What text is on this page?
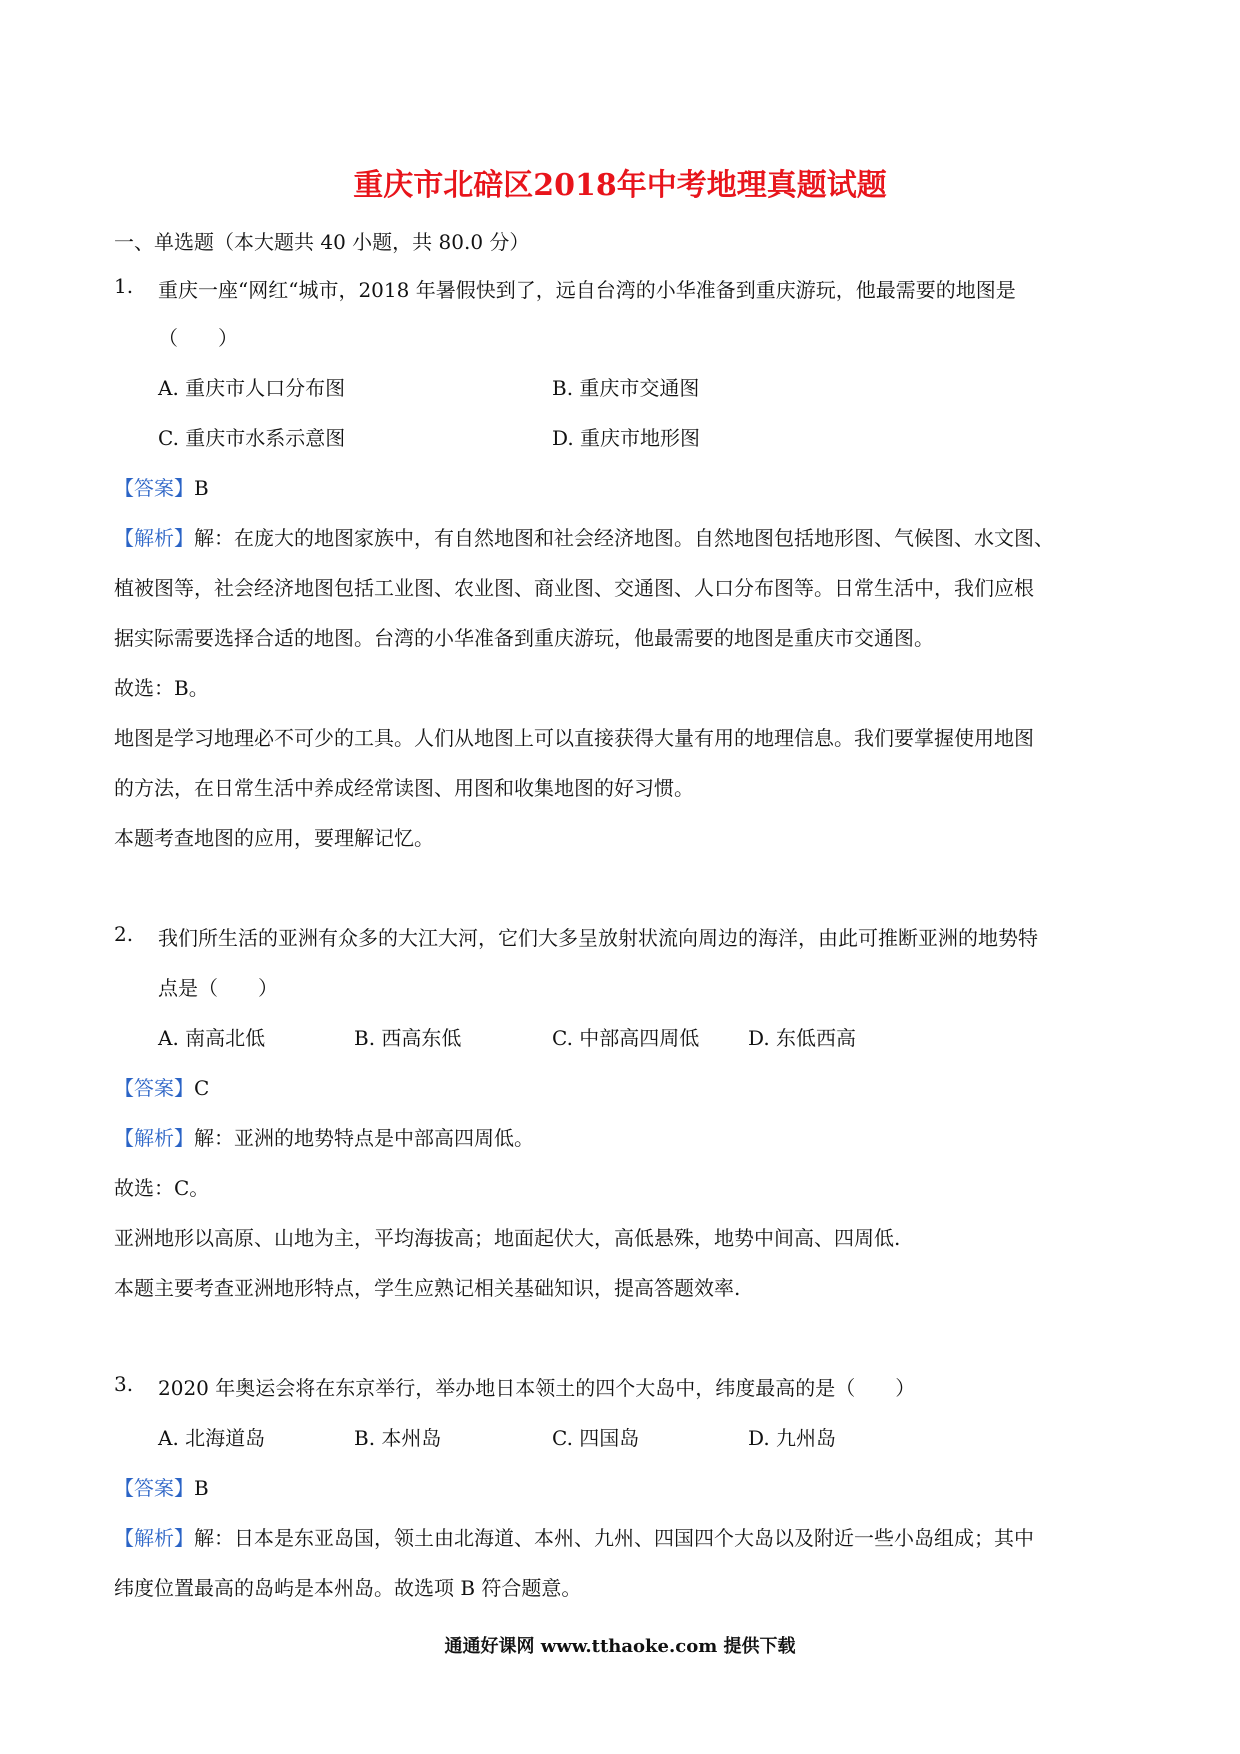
重庆市北碚区2018年中考地理真题试题
一、单选题（本大题共 40 小题，共 80.0 分）
1. 重庆一座“网红“城市，2018 年暑假快到了，远自台湾的小华准备到重庆游玩，他最需要的地图是
（　　）
A. 重庆市人口分布图	B. 重庆市交通图
C. 重庆市水系示意图	D. 重庆市地形图
【答案】B
【解析】解：在庞大的地图家族中，有自然地图和社会经济地图。自然地图包括地形图、气候图、水文图、
植被图等，社会经济地图包括工业图、农业图、商业图、交通图、人口分布图等。日常生活中，我们应根
据实际需要选择合适的地图。台湾的小华准备到重庆游玩，他最需要的地图是重庆市交通图。
故选：B。
地图是学习地理必不可少的工具。人们从地图上可以直接获得大量有用的地理信息。我们要掌握使用地图
的方法，在日常生活中养成经常读图、用图和收集地图的好习惯。
本题考查地图的应用，要理解记忆。
2. 我们所生活的亚洲有众多的大江大河，它们大多呈放射状流向周边的海洋，由此可推断亚洲的地势特
点是（　　）
A. 南高北低	B. 西高东低	C. 中部高四周低 D. 东低西高
【答案】C
【解析】解：亚洲的地势特点是中部高四周低。
故选：C。
亚洲地形以高原、山地为主，平均海拔高；地面起伏大，高低悬殊，地势中间高、四周低.
本题主要考查亚洲地形特点，学生应熟记相关基础知识，提高答题效率.
3. 2020 年奥运会将在东京举行，举办地日本领土的四个大岛中，纬度最高的是（　　）
A. 北海道岛	B. 本州岛	C. 四国岛	D. 九州岛
【答案】B
【解析】解：日本是东亚岛国，领土由北海道、本州、九州、四国四个大岛以及附近一些小岛组成；其中
纬度位置最高的岛屿是本州岛。故选项 B 符合题意。
通通好课网 www.tthaoke.com 提供下载
